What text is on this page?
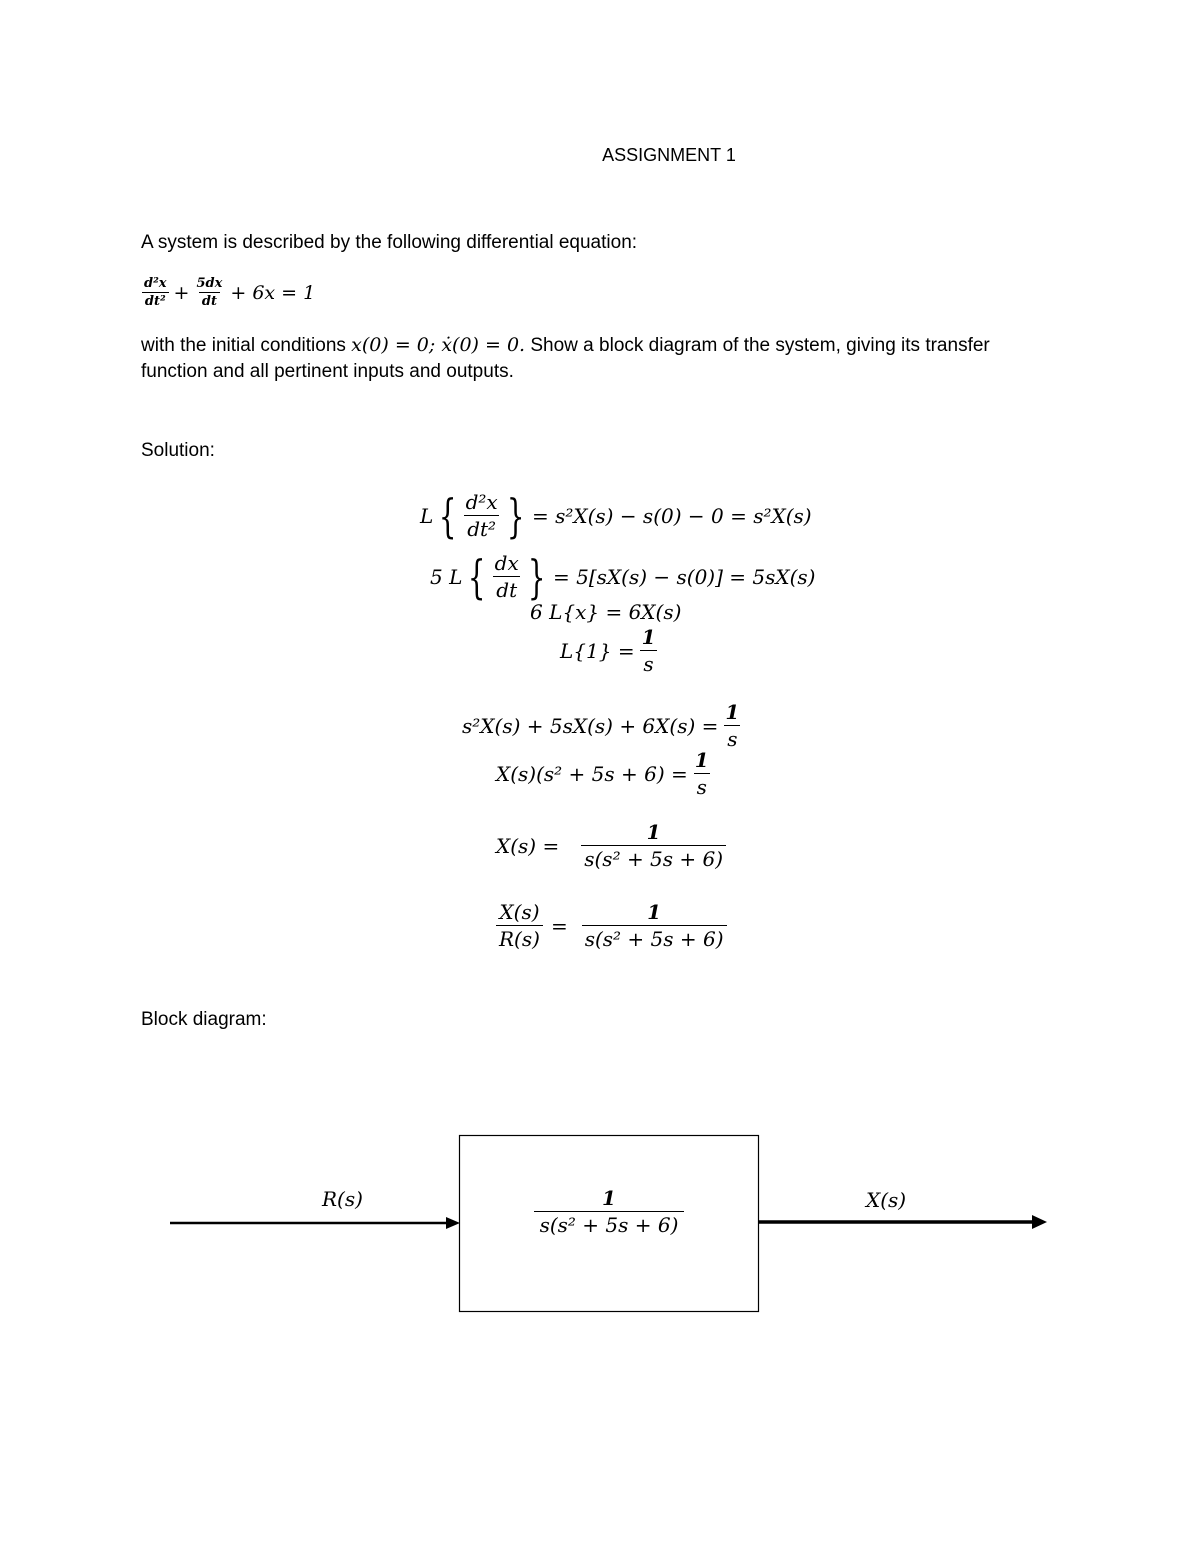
ASSIGNMENT 1
A system is described by the following differential equation:
$\frac{\text{d²x}}{\text{dt²}} + \frac{5dx}{dt} + 6x = 1$
with the initial conditions x(0) = 0; ẋ(0) = 0. Show a block diagram of the system, giving its transfer
function and all pertinent inputs and outputs.
Solution:
L { $\frac{\text{d²x}}{\text{dt²}}$ } = s²X(s) − s(0) − 0 = s²X(s)
5 L { $\frac{dx}{dt}$ } = 5[sX(s) − s(0)] = 5sX(s)
6 L{x} = 6X(s)
$L\{1\} = \frac{1}{s}$
$s^2X(s) + 5sX(s) + 6X(s) = \frac{1}{s}$
$X(s)(s^2 + 5s + 6) = \frac{1}{s}$
$X(s) = \frac{1}{\text{s(s² + 5s + 6)}}$
$\frac{X(s)}{R(s)} = \frac{1}{\text{s(s² + 5s + 6)}}$
Block diagram:
R(s)	X(s)
$\frac{1}{\text{s(s² + 5s + 6)}}$
